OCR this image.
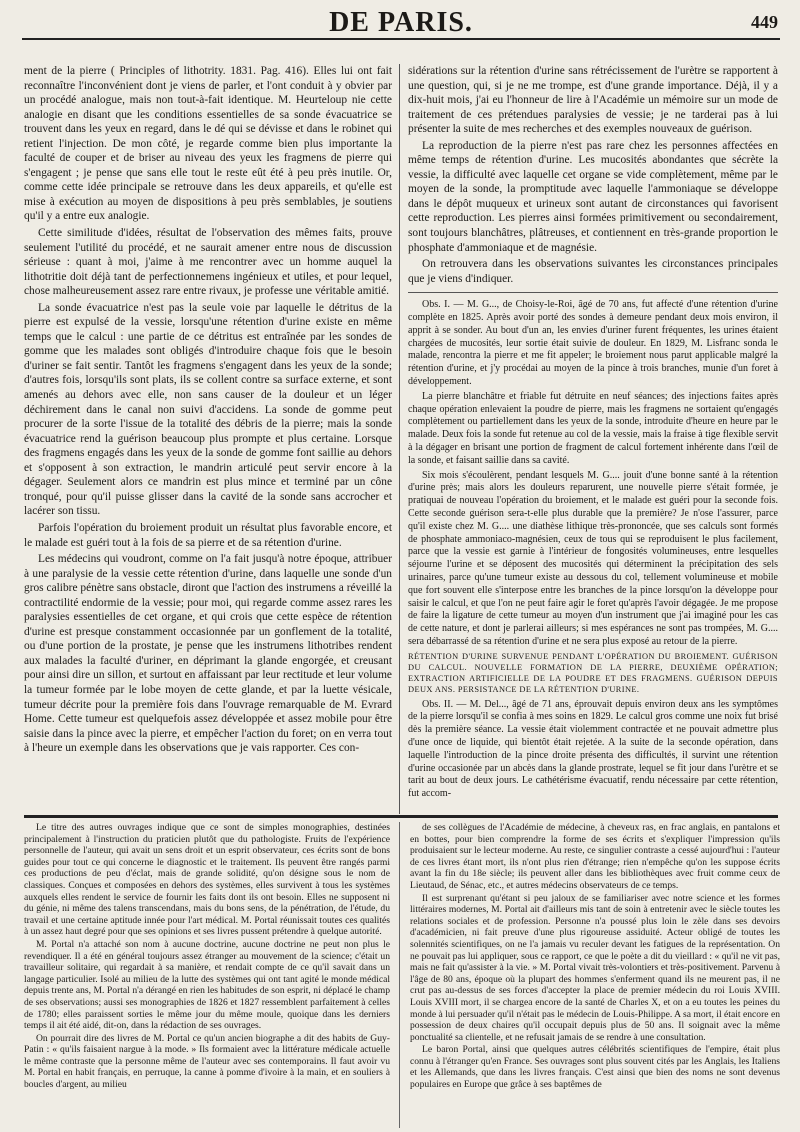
DE PARIS.	449

ment de la pierre ( Principles of lithotrity. 1831. Pag. 416). Elles lui ont fait reconnaître l'inconvénient dont je viens de parler, et l'ont conduit à y obvier par un procédé analogue, mais non tout-à-fait identique. M. Heurteloup nie cette analogie en disant que les conditions essentielles de sa sonde évacuatrice se trouvent dans les yeux en regard, dans le dé qui se dévisse et dans le robinet qui retient l'injection. De mon côté, je regarde comme bien plus importante la faculté de couper et de briser au niveau des yeux les fragmens de pierre qui s'engagent ; je pense que sans elle tout le reste eût été à peu près inutile. Or, comme cette idée principale se retrouve dans les deux appareils, et qu'elle est mise à exécution au moyen de dispositions à peu près semblables, je soutiens qu'il y a entre eux analogie.

Cette similitude d'idées, résultat de l'observation des mêmes faits, prouve seulement l'utilité du procédé, et ne saurait amener entre nous de discussion sérieuse : quant à moi, j'aime à me rencontrer avec un homme auquel la lithotritie doit déjà tant de perfectionnemens ingénieux et utiles, et pour lequel, chose malheureusement assez rare entre rivaux, je professe une véritable amitié.

La sonde évacuatrice n'est pas la seule voie par laquelle le détritus de la pierre est expulsé de la vessie, lorsqu'une rétention d'urine existe en même temps que le calcul : une partie de ce détritus est entraînée par les sondes de gomme que les malades sont obligés d'introduire chaque fois que le besoin d'uriner se fait sentir. Tantôt les fragmens s'engagent dans les yeux de la sonde; d'autres fois, lorsqu'ils sont plats, ils se collent contre sa surface externe, et sont amenés au dehors avec elle, non sans causer de la douleur et un léger déchirement dans le canal non suivi d'accidens. La sonde de gomme peut procurer de la sorte l'issue de la totalité des débris de la pierre; mais la sonde évacuatrice rend la guérison beaucoup plus prompte et plus certaine. Lorsque des fragmens engagés dans les yeux de la sonde de gomme font saillie au dehors et s'opposent à son extraction, le mandrin articulé peut servir encore à la dégager. Seulement alors ce mandrin est plus mince et terminé par un cône tronqué, pour qu'il puisse glisser dans la cavité de la sonde sans accrocher et lacérer son tissu.

Parfois l'opération du broiement produit un résultat plus favorable encore, et le malade est guéri tout à la fois de sa pierre et de sa rétention d'urine.

Les médecins qui voudront, comme on l'a fait jusqu'à notre époque, attribuer à une paralysie de la vessie cette rétention d'urine, dans laquelle une sonde d'un gros calibre pénètre sans obstacle, diront que l'action des instrumens a réveillé la contractilité endormie de la vessie; pour moi, qui regarde comme assez rares les paralysies essentielles de cet organe, et qui crois que cette espèce de rétention d'urine est presque constamment occasionnée par un gonflement de la totalité, ou d'une portion de la prostate, je pense que les instrumens lithotribes rendent aux malades la faculté d'uriner, en déprimant la glande engorgée, et creusant pour ainsi dire un sillon, et surtout en affaissant par leur rectitude et leur volume la tumeur formée par le lobe moyen de cette glande, et par la luette vésicale, tumeur décrite pour la première fois dans l'ouvrage remarquable de M. Evrard Home. Cette tumeur est quelquefois assez développée et assez mobile pour être saisie dans la pince avec la pierre, et empêcher l'action du foret; on en verra tout à l'heure un exemple dans les observations que je vais rapporter. Ces con-

sidérations sur la rétention d'urine sans rétrécissement de l'urètre se rapportent à une question, qui, si je ne me trompe, est d'une grande importance. Déjà, il y a dix-huit mois, j'ai eu l'honneur de lire à l'Académie un mémoire sur un mode de traitement de ces prétendues paralysies de vessie; je ne tarderai pas à lui présenter la suite de mes recherches et des exemples nouveaux de guérison.

La reproduction de la pierre n'est pas rare chez les personnes affectées en même temps de rétention d'urine. Les mucosités abondantes que sécrète la vessie, la difficulté avec laquelle cet organe se vide complètement, même par le moyen de la sonde, la promptitude avec laquelle l'ammoniaque se développe dans le dépôt muqueux et urineux sont autant de circonstances qui favorisent cette reproduction. Les pierres ainsi formées primitivement ou secondairement, sont toujours blanchâtres, plâtreuses, et contiennent en très-grande proportion le phosphate d'ammoniaque et de magnésie.

On retrouvera dans les observations suivantes les circonstances principales que je viens d'indiquer.

Obs. I. — M. G..., de Choisy-le-Roi, âgé de 70 ans, fut affecté d'une rétention d'urine complète en 1825. Après avoir porté des sondes à demeure pendant deux mois environ, il apprit à se sonder. Au bout d'un an, les envies d'uriner furent fréquentes, les urines étaient chargées de mucosités, leur sortie était suivie de douleur. En 1829, M. Lisfranc sonda le malade, rencontra la pierre et me fit appeler; le broiement nous parut applicable malgré la rétention d'urine, et j'y procédai au moyen de la pince à trois branches, munie d'un foret à développement.

La pierre blanchâtre et friable fut détruite en neuf séances; des injections faites après chaque opération enlevaient la poudre de pierre, mais les fragmens ne sortaient qu'engagés complètement ou partiellement dans les yeux de la sonde, introduite d'heure en heure par le malade. Deux fois la sonde fut retenue au col de la vessie, mais la fraise à tige flexible servit à la dégager en brisant une portion de fragment de calcul fortement inhérente dans l'œil de la sonde, et faisant saillie dans sa cavité.

Six mois s'écoulèrent, pendant lesquels M. G.... jouit d'une bonne santé à la rétention d'urine près; mais alors les douleurs reparurent, une nouvelle pierre s'était formée, je pratiquai de nouveau l'opération du broiement, et le malade est guéri pour la seconde fois. Cette seconde guérison sera-t-elle plus durable que la première? Je n'ose l'assurer, parce qu'il existe chez M. G.... une diathèse lithique très-prononcée, que ses calculs sont formés de phosphate ammoniaco-magnésien, ceux de tous qui se reproduisent le plus facilement, parce que la vessie est garnie à l'intérieur de fongosités volumineuses, entre lesquelles séjourne l'urine et se déposent des mucosités qui déterminent la précipitation des sels urinaires, parce qu'une tumeur existe au dessous du col, tellement volumineuse et mobile que fort souvent elle s'interpose entre les branches de la pince lorsqu'on la développe pour saisir le calcul, et que l'on ne peut faire agir le foret qu'après l'avoir dégagée. Je me propose de faire la ligature de cette tumeur au moyen d'un instrument que j'ai imaginé pour les cas de cette nature, et dont je parlerai ailleurs; si mes espérances ne sont pas trompées, M. G.... sera débarrassé de sa rétention d'urine et ne sera plus exposé au retour de la pierre.

RÉTENTION D'URINE SURVENUE PENDANT L'OPÉRATION DU BROIEMENT. GUÉRISON DU CALCUL. NOUVELLE FORMATION DE LA PIERRE, DEUXIÈME OPÉRATION; EXTRACTION ARTIFICIELLE DE LA POUDRE ET DES FRAGMENS. GUÉRISON DEPUIS DEUX ANS. PERSISTANCE DE LA RÉTENTION D'URINE.

Obs. II. — M. Del..., âgé de 71 ans, éprouvait depuis environ deux ans les symptômes de la pierre lorsqu'il se confia à mes soins en 1829. Le calcul gros comme une noix fut brisé dès la première séance. La vessie était violemment contractée et ne pouvait admettre plus d'une once de liquide, qui bientôt était rejetée. A la suite de la seconde opération, dans laquelle l'introduction de la pince droite présenta des difficultés, il survint une rétention d'urine occasionée par un abcès dans la glande prostrate, lequel se fit jour dans l'urètre et se tarit au bout de deux jours. Le cathétérisme évacuatif, rendu nécessaire par cette rétention, fut accom-

Le titre des autres ouvrages indique que ce sont de simples monographies, destinées principalement à l'instruction du praticien plutôt que du pathologiste. Fruits de l'expérience personnelle de l'auteur, qui avait un sens droit et un esprit observateur, ces écrits sont de bons guides pour tout ce qui concerne le diagnostic et le traitement. Ils peuvent être rangés parmi ces productions de peu d'éclat, mais de grande solidité, qu'on désigne sous le nom de classiques. Conçues et composées en dehors des systèmes, elles survivent à tous les systèmes auxquels elles rendent le service de fournir les faits dont ils ont besoin. Elles ne supposent ni du génie, ni même des talens transcendans, mais du bons sens, de la pénétration, de l'étude, du travail et une certaine aptitude innée pour l'art médical. M. Portal réunissait toutes ces qualités à un assez haut degré pour que ses opinions et ses livres pussent prétendre à quelque autorité.

M. Portal n'a attaché son nom à aucune doctrine, aucune doctrine ne peut non plus le revendiquer. Il a été en général toujours assez étranger au mouvement de la science; c'était un travailleur solitaire, qui regardait à sa manière, et rendait compte de ce qu'il savait dans un langage particulier. Isolé au milieu de la lutte des systèmes qui ont tant agité le monde médical depuis trente ans, M. Portal n'a dérangé en rien les habitudes de son esprit, ni déplacé le champ de ses observations; aussi ses monographies de 1826 et 1827 ressemblent parfaitement à celles de 1780; elles paraissent sorties le même jour du même moule, quoique dans les derniers temps il ait été aidé, dit-on, dans la rédaction de ses ouvrages.

On pourrait dire des livres de M. Portal ce qu'un ancien biographe a dit des habits de Guy-Patin : « qu'ils faisaient nargue à la mode. » Ils formaient avec la littérature médicale actuelle le même contraste que la personne même de l'auteur avec ses contemporains. Il faut avoir vu M. Portal en habit français, en perruque, la canne à pomme d'ivoire à la main, et en souliers à boucles d'argent, au milieu

de ses collègues de l'Académie de médecine, à cheveux ras, en frac anglais, en pantalons et en bottes, pour bien comprendre la forme de ses écrits et s'expliquer l'impression qu'ils produisaient sur le lecteur moderne. Au reste, ce singulier contraste a cessé aujourd'hui : l'auteur de ces livres étant mort, ils n'ont plus rien d'étrange; rien n'empêche qu'on les suppose écrits avant la fin du 18e siècle; ils peuvent aller dans les bibliothèques avec fruit comme ceux de Lieutaud, de Sénac, etc., et autres médecins observateurs de ce temps.

Il est surprenant qu'étant si peu jaloux de se familiariser avec notre science et les formes littéraires modernes, M. Portal ait d'ailleurs mis tant de soin à entretenir avec le siècle toutes les relations sociales et de profession. Personne n'a poussé plus loin le zèle dans ses devoirs d'académicien, ni fait preuve d'une plus rigoureuse assiduité. Acteur obligé de toutes les solennités scientifiques, on ne l'a jamais vu reculer devant les fatigues de la représentation. On ne pouvait pas lui appliquer, sous ce rapport, ce que le poète a dit du vieillard : « qu'il ne vit pas, mais ne fait qu'assister à la vie. » M. Portal vivait très-volontiers et très-positivement. Parvenu à l'âge de 80 ans, époque où la plupart des hommes s'enferment quand ils ne meurent pas, il ne crut pas au-dessus de ses forces d'accepter la place de premier médecin du roi Louis XVIII. Louis XVIII mort, il se chargea encore de la santé de Charles X, et on a eu toutes les peines du monde à lui persuader qu'il n'était pas le médecin de Louis-Philippe. A sa mort, il était encore en possession de deux chaires qu'il occupait depuis plus de 50 ans. Il soignait avec la même ponctualité sa clientelle, et ne refusait jamais de se rendre à une consultation.

Le baron Portal, ainsi que quelques autres célébrités scientifiques de l'empire, était plus connu à l'étranger qu'en France. Ses ouvrages sont plus souvent cités par les Anglais, les Italiens et les Allemands, que dans les livres français. C'est ainsi que bien des noms ne sont devenus populaires en Europe que grâce à ses baptêmes de
